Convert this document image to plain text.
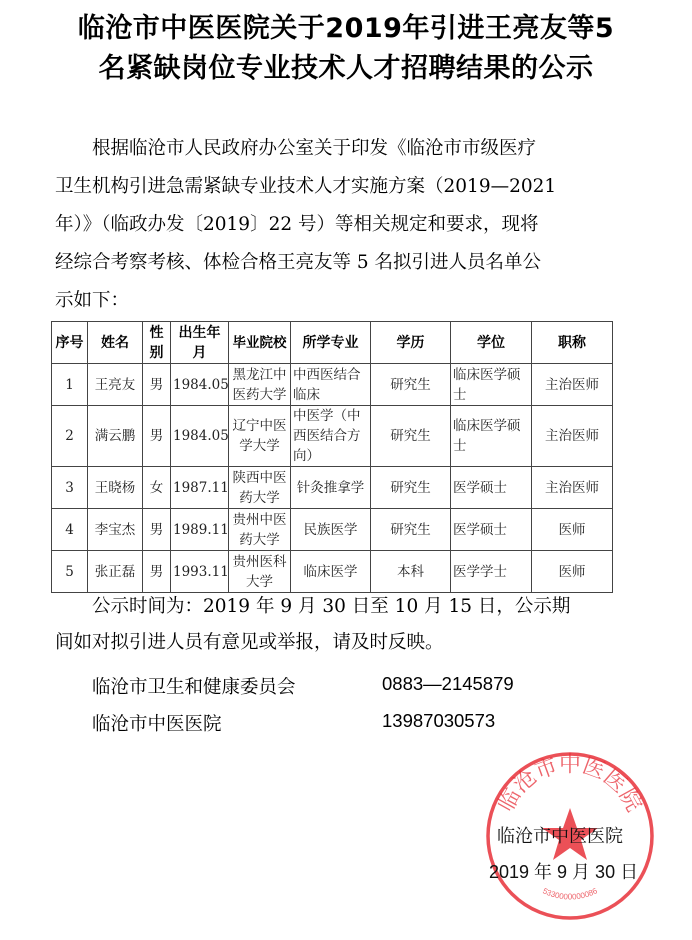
临沧市中医医院关于2019年引进王亮友等5
名紧缺岗位专业技术人才招聘结果的公示
根据临沧市人民政府办公室关于印发《临沧市市级医疗
卫生机构引进急需紧缺专业技术人才实施方案（2019—2021
年）》（临政办发〔2019〕22 号）等相关规定和要求，现将
经综合考察考核、体检合格王亮友等 5 名拟引进人员名单公
示如下：
序号	姓名	性别	出生年月	毕业院校	所学专业	学历	学位	职称
1	王亮友	男	1984.05	黑龙江中医药大学	中西医结合临床	研究生	临床医学硕士	主治医师
2	满云鹏	男	1984.05	辽宁中医学大学	中医学（中西医结合方向）	研究生	临床医学硕士	主治医师
3	王晓杨	女	1987.11	陕西中医药大学	针灸推拿学	研究生	医学硕士	主治医师
4	李宝杰	男	1989.11	贵州中医药大学	民族医学	研究生	医学硕士	医师
5	张正磊	男	1993.11	贵州医科大学	临床医学	本科	医学学士	医师
公示时间为：2019 年 9 月 30 日至 10 月 15 日，公示期
间如对拟引进人员有意见或举报，请及时反映。
临沧市卫生和健康委员会	0883—2145879
临沧市中医医院	13987030573
临沧市中医医院
5330000000086
临沧市中医医院
2019 年 9 月 30 日
